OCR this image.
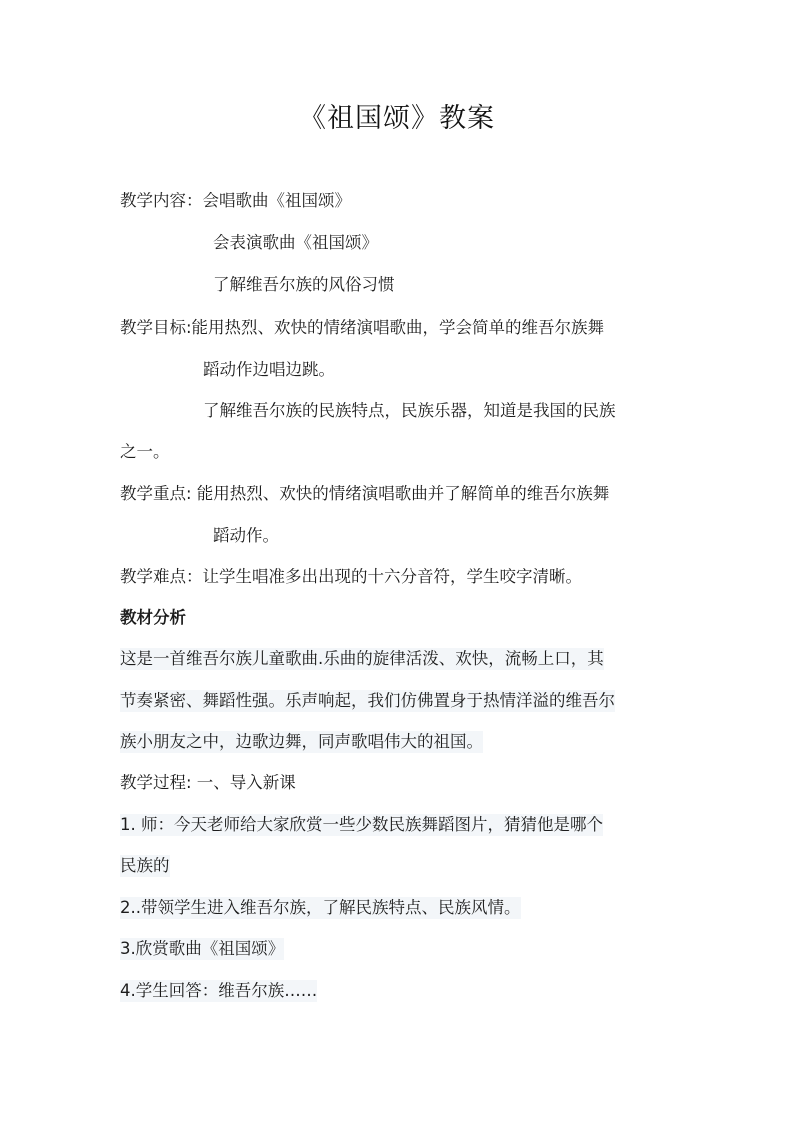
《祖国颂》教案
教学内容：会唱歌曲《祖国颂》
会表演歌曲《祖国颂》
了解维吾尔族的风俗习惯
教学目标:能用热烈、欢快的情绪演唱歌曲，学会简单的维吾尔族舞
蹈动作边唱边跳。
了解维吾尔族的民族特点，民族乐器，知道是我国的民族
之一。
教学重点: 能用热烈、欢快的情绪演唱歌曲并了解简单的维吾尔族舞
蹈动作。
教学难点：让学生唱准多出出现的十六分音符，学生咬字清晰。
教材分析
这是一首维吾尔族儿童歌曲.乐曲的旋律活泼、欢快，流畅上口，其
节奏紧密、舞蹈性强。乐声响起，我们仿佛置身于热情洋溢的维吾尔
族小朋友之中，边歌边舞，同声歌唱伟大的祖国。
教学过程: 一、导入新课
1. 师：今天老师给大家欣赏一些少数民族舞蹈图片，猜猜他是哪个
民族的
2..带领学生进入维吾尔族，了解民族特点、民族风情。
3.欣赏歌曲《祖国颂》
4.学生回答：维吾尔族……
